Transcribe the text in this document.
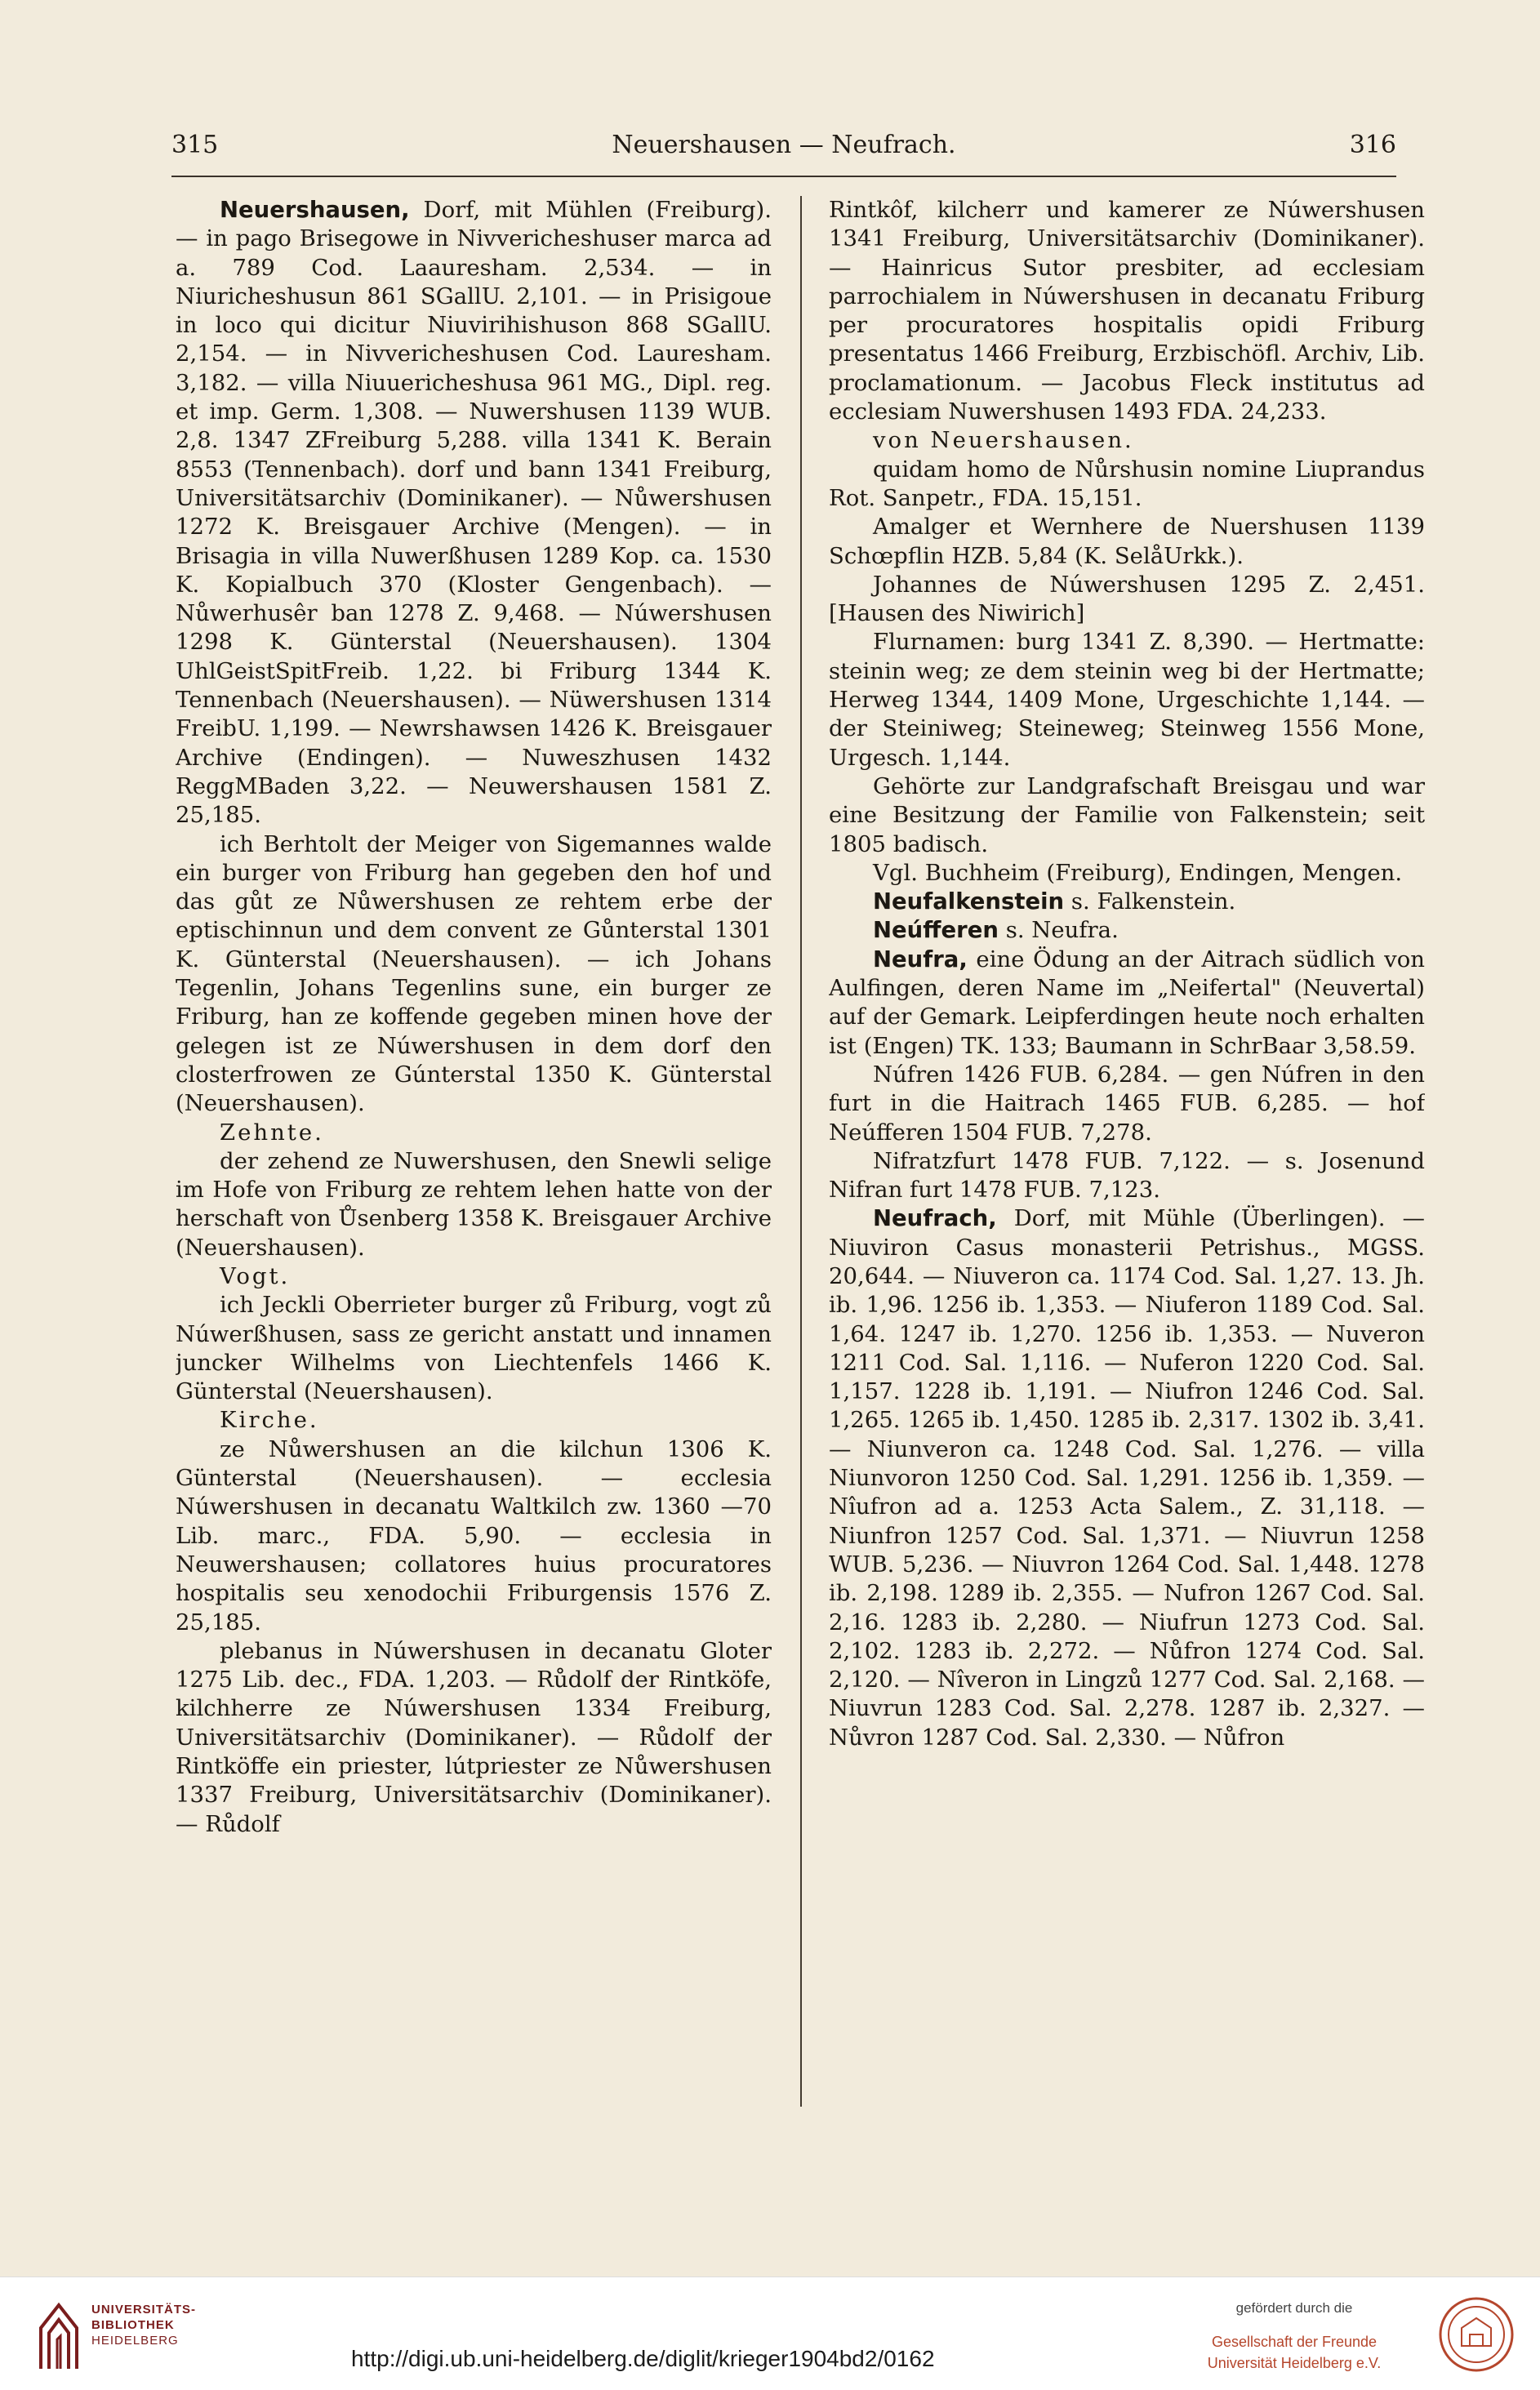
315	Neuershausen — Neufrach.	316

Neuershausen, Dorf, mit Mühlen (Freiburg). — in pago Brisegowe in Nivvericheshuser marca ad a. 789 Cod. Laauresham. 2,534. — in Niuricheshusun 861 SGallU. 2,101. — in Prisigoue in loco qui dicitur Niuvirihishuson 868 SGallU. 2,154. — in Nivvericheshusen Cod. Lauresham. 3,182. — villa Niuuericheshusa 961 MG., Dipl. reg. et imp. Germ. 1,308. — Nuwershusen 1139 WUB. 2,8. 1347 ZFreiburg 5,288. villa 1341 K. Berain 8553 (Tennenbach). dorf und bann 1341 Freiburg, Universitätsarchiv (Dominikaner). — Nůwershusen 1272 K. Breisgauer Archive (Mengen). — in Brisagia in villa Nuwerßhusen 1289 Kop. ca. 1530 K. Kopialbuch 370 (Kloster Gengenbach). — Nůwerhusêr ban 1278 Z. 9,468. — Núwershusen 1298 K. Günterstal (Neuershausen). 1304 UhlGeistSpitFreib. 1,22. bi Friburg 1344 K. Tennenbach (Neuershausen). — Nüwershusen 1314 FreibU. 1,199. — Newrshawsen 1426 K. Breisgauer Archive (Endingen). — Nuweszhusen 1432 ReggMBaden 3,22. — Neuwershausen 1581 Z. 25,185.

ich Berhtolt der Meiger von Sigemannes walde ein burger von Friburg han gegeben den hof und das gůt ze Nůwershusen ze rehtem erbe der eptischinnun und dem convent ze Gůnterstal 1301 K. Günterstal (Neuershausen). — ich Johans Tegenlin, Johans Tegenlins sune, ein burger ze Friburg, han ze koffende gegeben minen hove der gelegen ist ze Núwershusen in dem dorf den closterfrowen ze Gúnterstal 1350 K. Günterstal (Neuershausen).

Zehnte.

der zehend ze Nuwershusen, den Snewli selige im Hofe von Friburg ze rehtem lehen hatte von der herschaft von Ůsenberg 1358 K. Breisgauer Archive (Neuershausen).

Vogt.

ich Jeckli Oberrieter burger zů Friburg, vogt zů Núwerßhusen, sass ze gericht anstatt und innamen juncker Wilhelms von Liechtenfels 1466 K. Günterstal (Neuershausen).

Kirche.

ze Nůwershusen an die kilchun 1306 K. Günterstal (Neuershausen). — ecclesia Núwershusen in decanatu Waltkilch zw. 1360 —70 Lib. marc., FDA. 5,90. — ecclesia in Neuwershausen; collatores huius procuratores hospitalis seu xenodochii Friburgensis 1576 Z. 25,185.

plebanus in Núwershusen in decanatu Gloter 1275 Lib. dec., FDA. 1,203. — Růdolf der Rintköfe, kilchherre ze Núwershusen 1334 Freiburg, Universitätsarchiv (Dominikaner). — Růdolf der Rintköffe ein priester, lútpriester ze Nůwershusen 1337 Freiburg, Universitätsarchiv (Dominikaner). — Růdolf

Rintkôf, kilcherr und kamerer ze Núwershusen 1341 Freiburg, Universitätsarchiv (Dominikaner). — Hainricus Sutor presbiter, ad ecclesiam parrochialem in Núwershusen in decanatu Friburg per procuratores hospitalis opidi Friburg presentatus 1466 Freiburg, Erzbischöfl. Archiv, Lib. proclamationum. — Jacobus Fleck institutus ad ecclesiam Nuwershusen 1493 FDA. 24,233.

von Neuershausen.

quidam homo de Nůrshusin nomine Liuprandus Rot. Sanpetr., FDA. 15,151.

Amalger et Wernhere de Nuershusen 1139 Schœpflin HZB. 5,84 (K. SelåUrkk.).

Johannes de Núwershusen 1295 Z. 2,451. [Hausen des Niwirich]

Flurnamen: burg 1341 Z. 8,390. — Hertmatte: steinin weg; ze dem steinin weg bi der Hertmatte; Herweg 1344, 1409 Mone, Urgeschichte 1,144. — der Steiniweg; Steineweg; Steinweg 1556 Mone, Urgesch. 1,144.

Gehörte zur Landgrafschaft Breisgau und war eine Besitzung der Familie von Falkenstein; seit 1805 badisch.

Vgl. Buchheim (Freiburg), Endingen, Mengen.

Neufalkenstein s. Falkenstein.

Neúfferen s. Neufra.

Neufra, eine Ödung an der Aitrach südlich von Aulfingen, deren Name im „Neifertal" (Neuvertal) auf der Gemark. Leipferdingen heute noch erhalten ist (Engen) TK. 133; Baumann in SchrBaar 3,58.59.

Núfren 1426 FUB. 6,284. — gen Núfren in den furt in die Haitrach 1465 FUB. 6,285. — hof Neúfferen 1504 FUB. 7,278.

Nifratzfurt 1478 FUB. 7,122. — s. Josenund Nifran furt 1478 FUB. 7,123.

Neufrach, Dorf, mit Mühle (Überlingen). — Niuviron Casus monasterii Petrishus., MGSS. 20,644. — Niuveron ca. 1174 Cod. Sal. 1,27. 13. Jh. ib. 1,96. 1256 ib. 1,353. — Niuferon 1189 Cod. Sal. 1,64. 1247 ib. 1,270. 1256 ib. 1,353. — Nuveron 1211 Cod. Sal. 1,116. — Nuferon 1220 Cod. Sal. 1,157. 1228 ib. 1,191. — Niufron 1246 Cod. Sal. 1,265. 1265 ib. 1,450. 1285 ib. 2,317. 1302 ib. 3,41. — Niunveron ca. 1248 Cod. Sal. 1,276. — villa Niunvoron 1250 Cod. Sal. 1,291. 1256 ib. 1,359. — Nîufron ad a. 1253 Acta Salem., Z. 31,118. — Niunfron 1257 Cod. Sal. 1,371. — Niuvrun 1258 WUB. 5,236. — Niuvron 1264 Cod. Sal. 1,448. 1278 ib. 2,198. 1289 ib. 2,355. — Nufron 1267 Cod. Sal. 2,16. 1283 ib. 2,280. — Niufrun 1273 Cod. Sal. 2,102. 1283 ib. 2,272. — Nůfron 1274 Cod. Sal. 2,120. — Nîveron in Lingzů 1277 Cod. Sal. 2,168. — Niuvrun 1283 Cod. Sal. 2,278. 1287 ib. 2,327. — Nůvron 1287 Cod. Sal. 2,330. — Nůfron

UNIVERSITÄTS-
BIBLIOTHEK
HEIDELBERG
http://digi.ub.uni-heidelberg.de/diglit/krieger1904bd2/0162
gefördert durch die
Gesellschaft der Freunde
Universität Heidelberg e.V.
